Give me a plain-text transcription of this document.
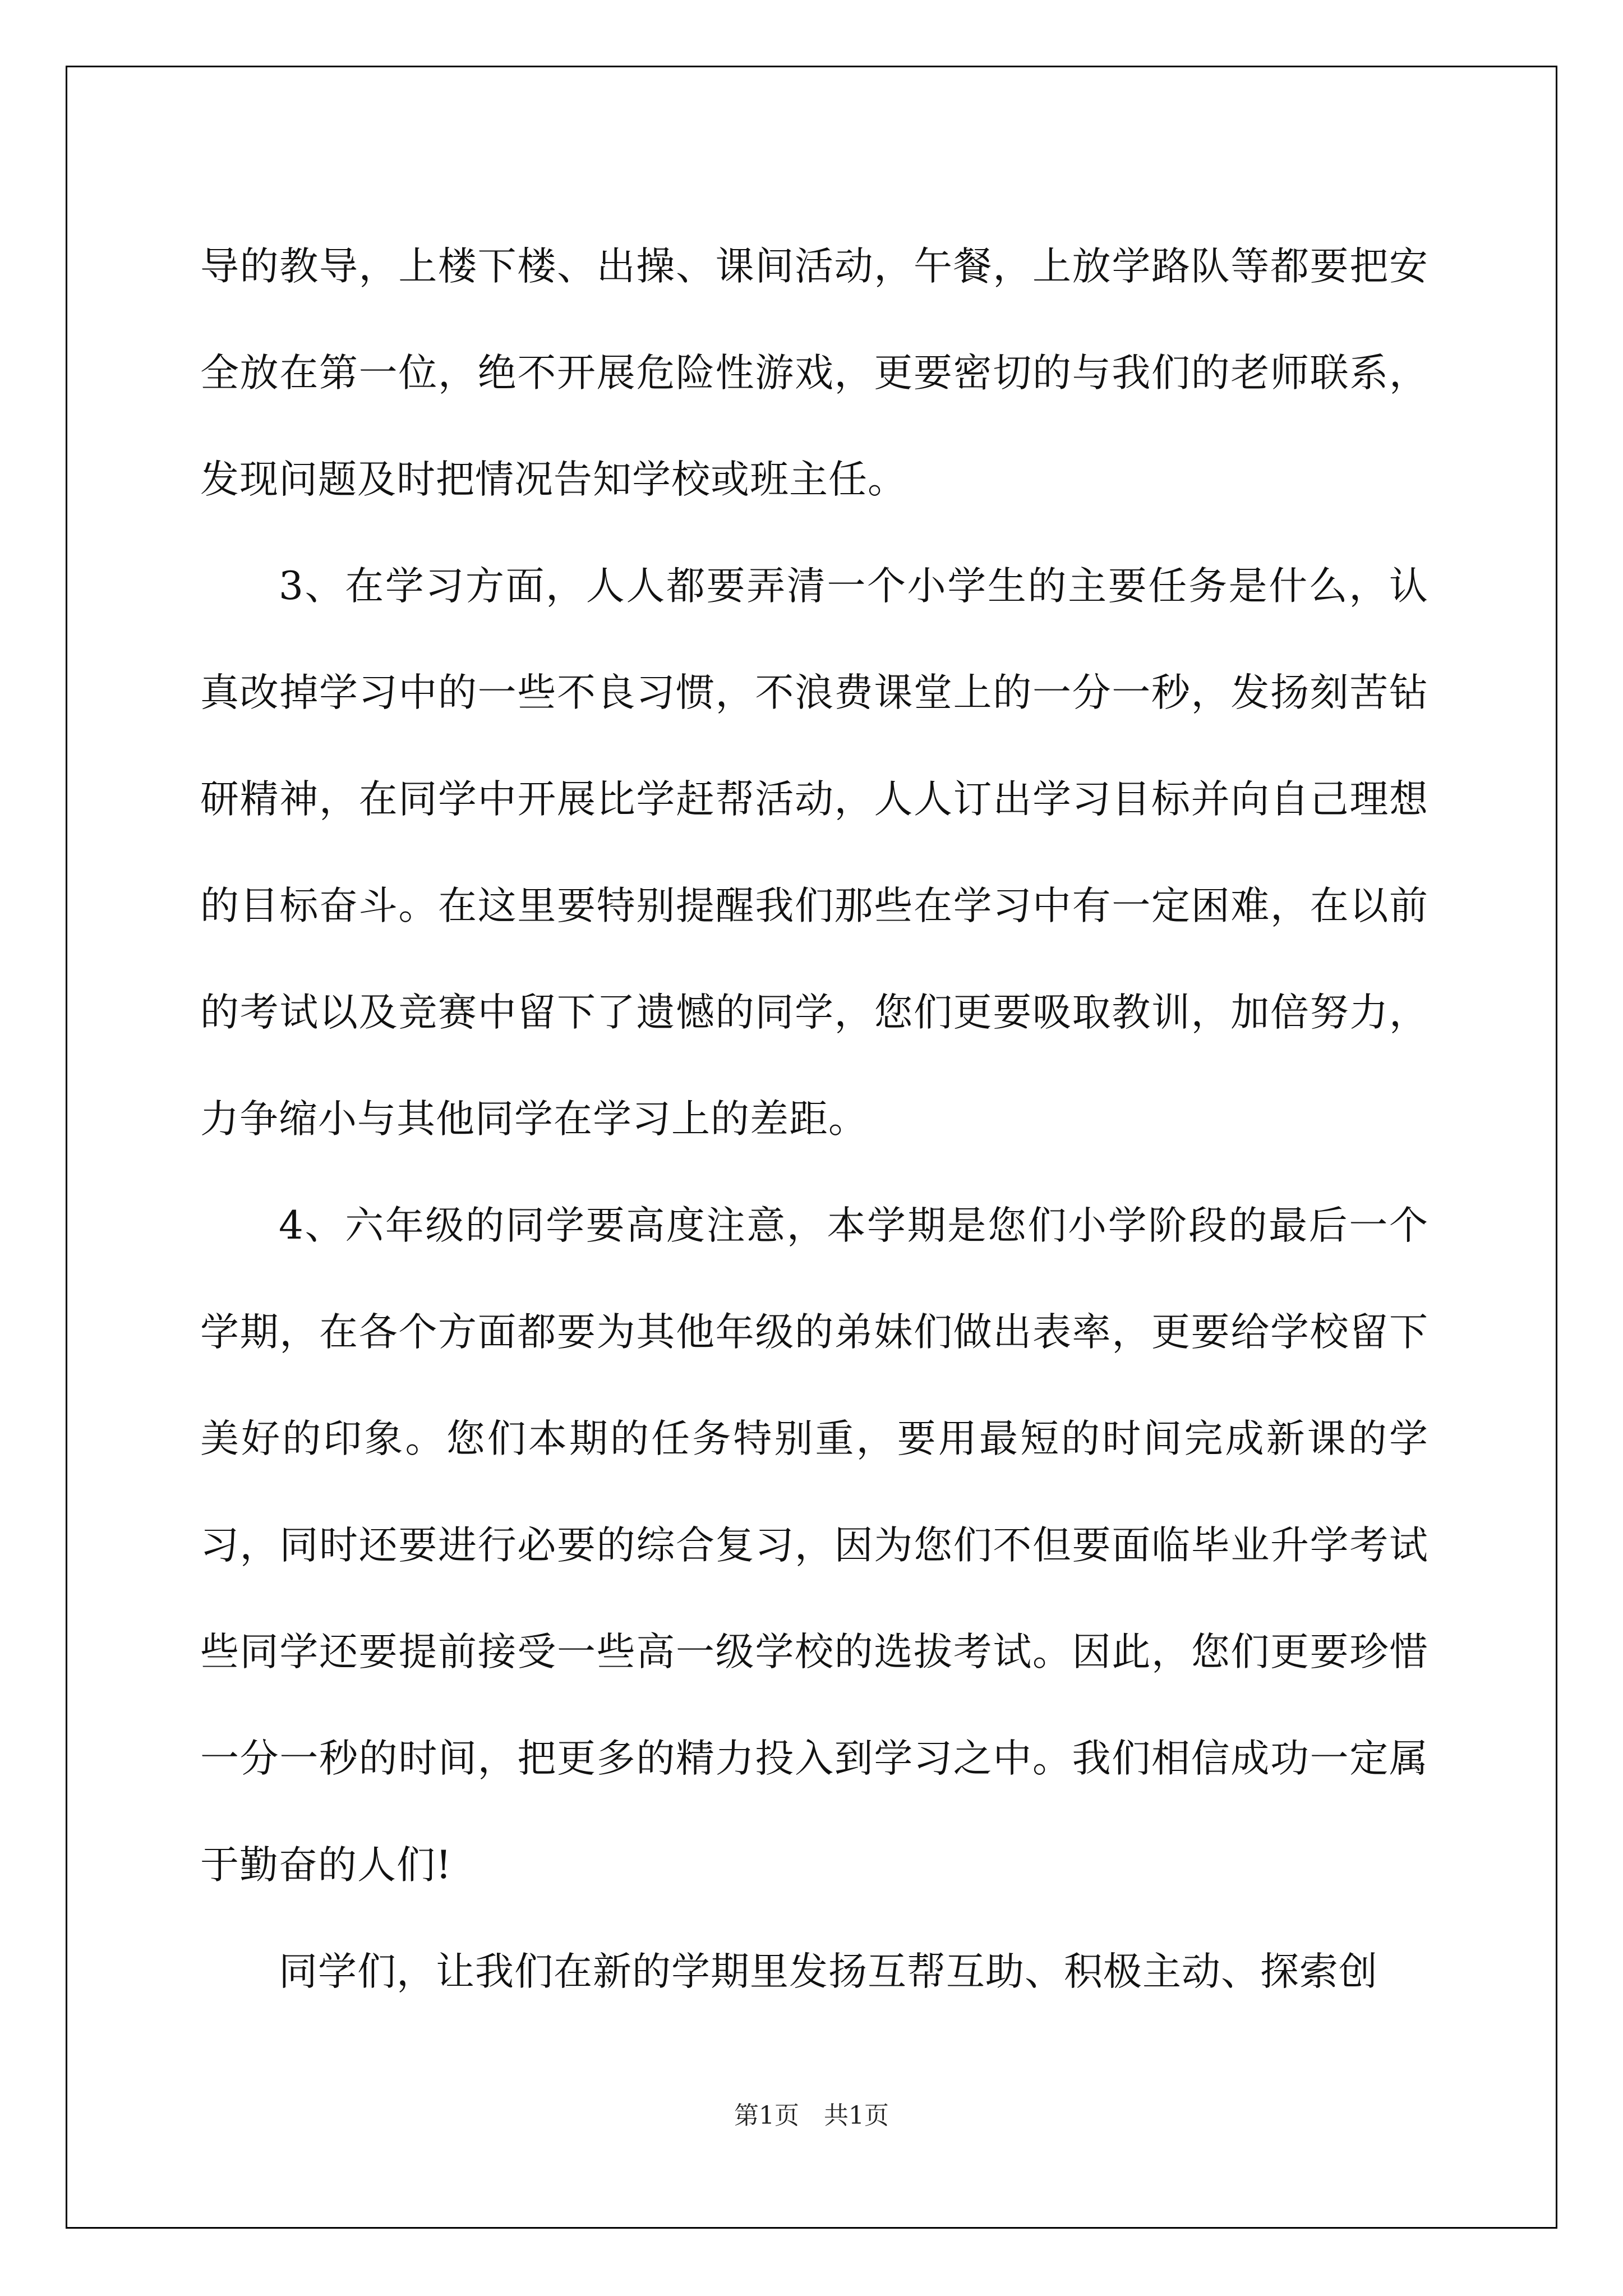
导的教导，上楼下楼、出操、课间活动，午餐，上放学路队等都要把安全放在第一位，绝不开展危险性游戏，更要密切的与我们的老师联系，发现问题及时把情况告知学校或班主任。

3、在学习方面，人人都要弄清一个小学生的主要任务是什么，认真改掉学习中的一些不良习惯，不浪费课堂上的一分一秒，发扬刻苦钻研精神，在同学中开展比学赶帮活动，人人订出学习目标并向自己理想的目标奋斗。在这里要特别提醒我们那些在学习中有一定困难，在以前的考试以及竞赛中留下了遗憾的同学，您们更要吸取教训，加倍努力，力争缩小与其他同学在学习上的差距。

4、六年级的同学要高度注意，本学期是您们小学阶段的最后一个学期，在各个方面都要为其他年级的弟妹们做出表率，更要给学校留下美好的印象。您们本期的任务特别重，要用最短的时间完成新课的学习，同时还要进行必要的综合复习，因为您们不但要面临毕业升学考试些同学还要提前接受一些高一级学校的选拔考试。因此，您们更要珍惜一分一秒的时间，把更多的精力投入到学习之中。我们相信成功一定属于勤奋的人们!

同学们，让我们在新的学期里发扬互帮互助、积极主动、探索创

第1页　共1页
